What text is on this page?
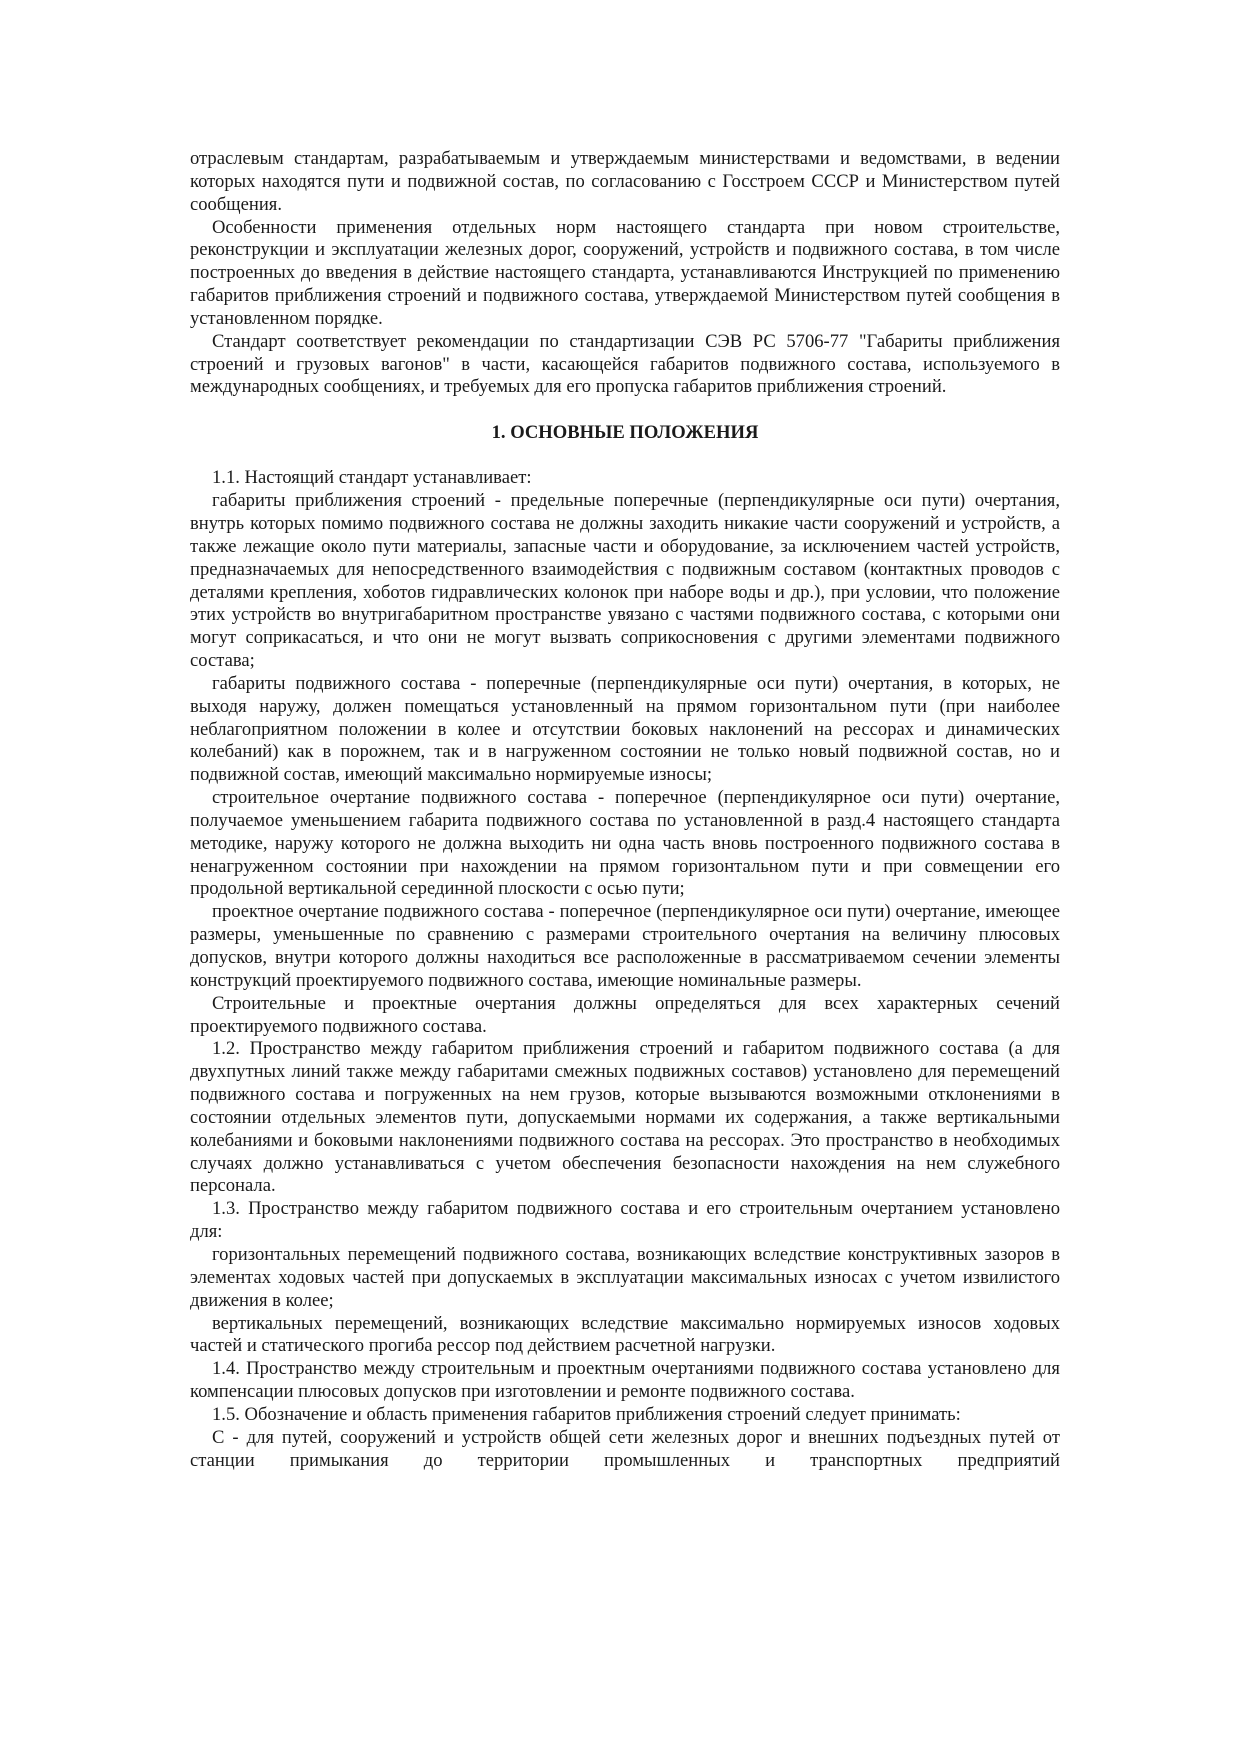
отраслевым стандартам, разрабатываемым и утверждаемым министерствами и ведомствами, в ведении которых находятся пути и подвижной состав, по согласованию с Госстроем СССР и Министерством путей сообщения.

Особенности применения отдельных норм настоящего стандарта при новом строительстве, реконструкции и эксплуатации железных дорог, сооружений, устройств и подвижного состава, в том числе построенных до введения в действие настоящего стандарта, устанавливаются Инструкцией по применению габаритов приближения строений и подвижного состава, утверждаемой Министерством путей сообщения в установленном порядке.

Стандарт соответствует рекомендации по стандартизации СЭВ РС 5706-77 "Габариты приближения строений и грузовых вагонов" в части, касающейся габаритов подвижного состава, используемого в международных сообщениях, и требуемых для его пропуска габаритов приближения строений.

1. ОСНОВНЫЕ ПОЛОЖЕНИЯ

1.1. Настоящий стандарт устанавливает:

габариты приближения строений - предельные поперечные (перпендикулярные оси пути) очертания, внутрь которых помимо подвижного состава не должны заходить никакие части сооружений и устройств, а также лежащие около пути материалы, запасные части и оборудование, за исключением частей устройств, предназначаемых для непосредственного взаимодействия с подвижным составом (контактных проводов с деталями крепления, хоботов гидравлических колонок при наборе воды и др.), при условии, что положение этих устройств во внутригабаритном пространстве увязано с частями подвижного состава, с которыми они могут соприкасаться, и что они не могут вызвать соприкосновения с другими элементами подвижного состава;

габариты подвижного состава - поперечные (перпендикулярные оси пути) очертания, в которых, не выходя наружу, должен помещаться установленный на прямом горизонтальном пути (при наиболее неблагоприятном положении в колее и отсутствии боковых наклонений на рессорах и динамических колебаний) как в порожнем, так и в нагруженном состоянии не только новый подвижной состав, но и подвижной состав, имеющий максимально нормируемые износы;

строительное очертание подвижного состава - поперечное (перпендикулярное оси пути) очертание, получаемое уменьшением габарита подвижного состава по установленной в разд.4 настоящего стандарта методике, наружу которого не должна выходить ни одна часть вновь построенного подвижного состава в ненагруженном состоянии при нахождении на прямом горизонтальном пути и при совмещении его продольной вертикальной серединной плоскости с осью пути;

проектное очертание подвижного состава - поперечное (перпендикулярное оси пути) очертание, имеющее размеры, уменьшенные по сравнению с размерами строительного очертания на величину плюсовых допусков, внутри которого должны находиться все расположенные в рассматриваемом сечении элементы конструкций проектируемого подвижного состава, имеющие номинальные размеры.

Строительные и проектные очертания должны определяться для всех характерных сечений проектируемого подвижного состава.

1.2. Пространство между габаритом приближения строений и габаритом подвижного состава (а для двухпутных линий также между габаритами смежных подвижных составов) установлено для перемещений подвижного состава и погруженных на нем грузов, которые вызываются возможными отклонениями в состоянии отдельных элементов пути, допускаемыми нормами их содержания, а также вертикальными колебаниями и боковыми наклонениями подвижного состава на рессорах. Это пространство в необходимых случаях должно устанавливаться с учетом обеспечения безопасности нахождения на нем служебного персонала.

1.3. Пространство между габаритом подвижного состава и его строительным очертанием установлено для:

горизонтальных перемещений подвижного состава, возникающих вследствие конструктивных зазоров в элементах ходовых частей при допускаемых в эксплуатации максимальных износах с учетом извилистого движения в колее;

вертикальных перемещений, возникающих вследствие максимально нормируемых износов ходовых частей и статического прогиба рессор под действием расчетной нагрузки.

1.4. Пространство между строительным и проектным очертаниями подвижного состава установлено для компенсации плюсовых допусков при изготовлении и ремонте подвижного состава.

1.5. Обозначение и область применения габаритов приближения строений следует принимать:

С - для путей, сооружений и устройств общей сети железных дорог и внешних подъездных путей от станции примыкания до территории промышленных и транспортных предприятий
